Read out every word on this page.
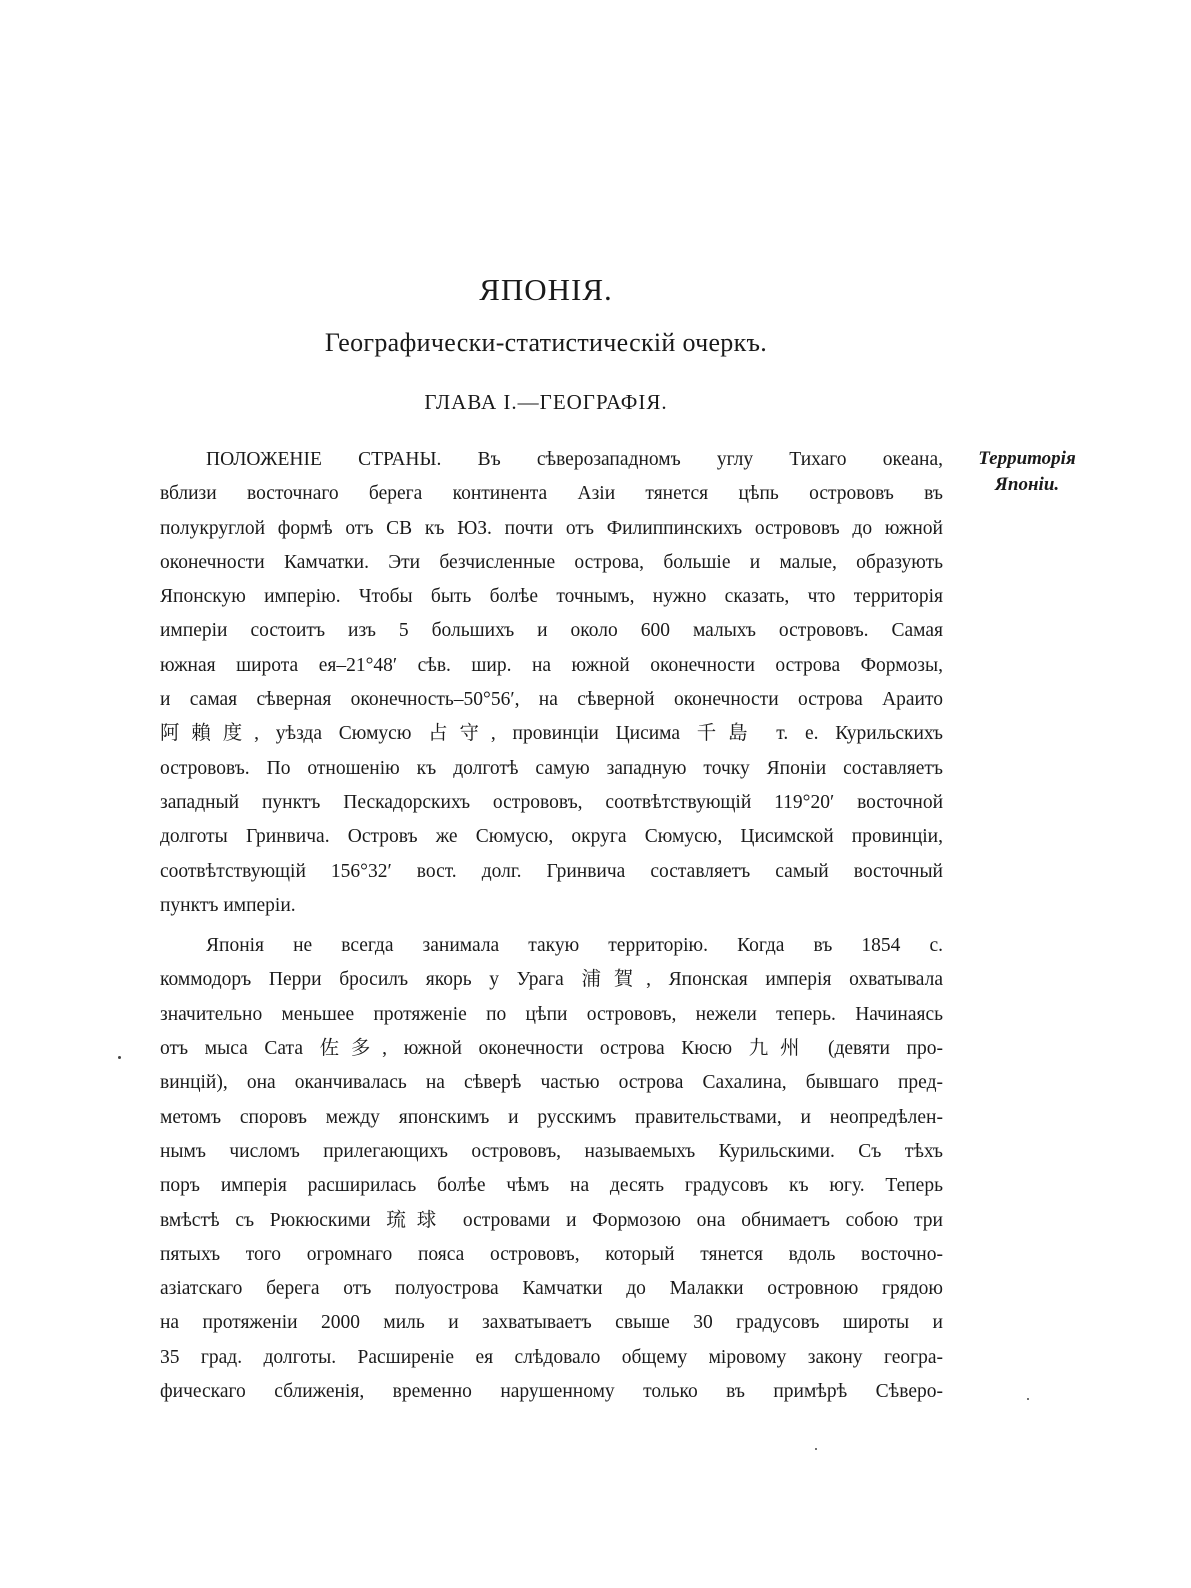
ЯПОНІЯ.
Географически-статистическій очеркъ.
ГЛАВА I.—ГЕОГРАФІЯ.
Территорія
Японіи.
ПОЛОЖЕНІЕ СТРАНЫ. Въ сѣверозападномъ углу Тихаго океана,
вблизи восточнаго берега континента Азіи тянется цѣпь острововъ въ
полукруглой формѣ отъ СВ къ ЮЗ. почти отъ Филиппинскихъ острововъ до южной
оконечности Камчатки. Эти безчисленные острова, большіе и малые, образують
Японскую имперію. Чтобы быть болѣе точнымъ, нужно сказать, что территорія
имперіи состоитъ изъ 5 большихъ и около 600 малыхъ острововъ. Самая
южная широта ея–21°48′ сѣв. шир. на южной оконечности острова Формозы,
и самая сѣверная оконечность–50°56′, на сѣверной оконечности острова Араито
阿賴度, уѣзда Сюмусю 占守, провинціи Цисима 千島 т. е. Курильскихъ
острововъ. По отношенію къ долготѣ самую западную точку Японіи составляетъ
западный пунктъ Пескадорскихъ острововъ, соотвѣтствующій 119°20′ восточной
долготы Гринвича. Островъ же Сюмусю, округа Сюмусю, Цисимской провинціи,
соотвѣтствующій 156°32′ вост. долг. Гринвича составляетъ самый восточный
пунктъ имперіи.
Японія не всегда занимала такую территорію. Когда въ 1854 с.
коммодоръ Перри бросилъ якорь у Урага 浦賀, Японская имперія охватывала
значительно меньшее протяженіе по цѣпи острововъ, нежели теперь. Начинаясь
отъ мыса Сата 佐多, южной оконечности острова Кюсю 九州 (девяти про-
винцій), она оканчивалась на сѣверѣ частью острова Сахалина, бывшаго пред-
метомъ споровъ между японскимъ и русскимъ правительствами, и неопредѣлен-
нымъ числомъ прилегающихъ острововъ, называемыхъ Курильскими. Съ тѣхъ
поръ имперія расширилась болѣе чѣмъ на десять градусовъ къ югу. Теперь
вмѣстѣ съ Рюкюскими 琉球 островами и Формозою она обнимаетъ собою три
пятыхъ того огромнаго пояса острововъ, который тянется вдоль восточно-
азіатскаго берега отъ полуострова Камчатки до Малакки островною грядою
на протяженіи 2000 миль и захватываетъ свыше 30 градусовъ широты и
35 град. долготы. Расширеніе ея слѣдовало общему міровому закону геогра-
фическаго сближенія, временно нарушенному только въ примѣрѣ Сѣверо-
